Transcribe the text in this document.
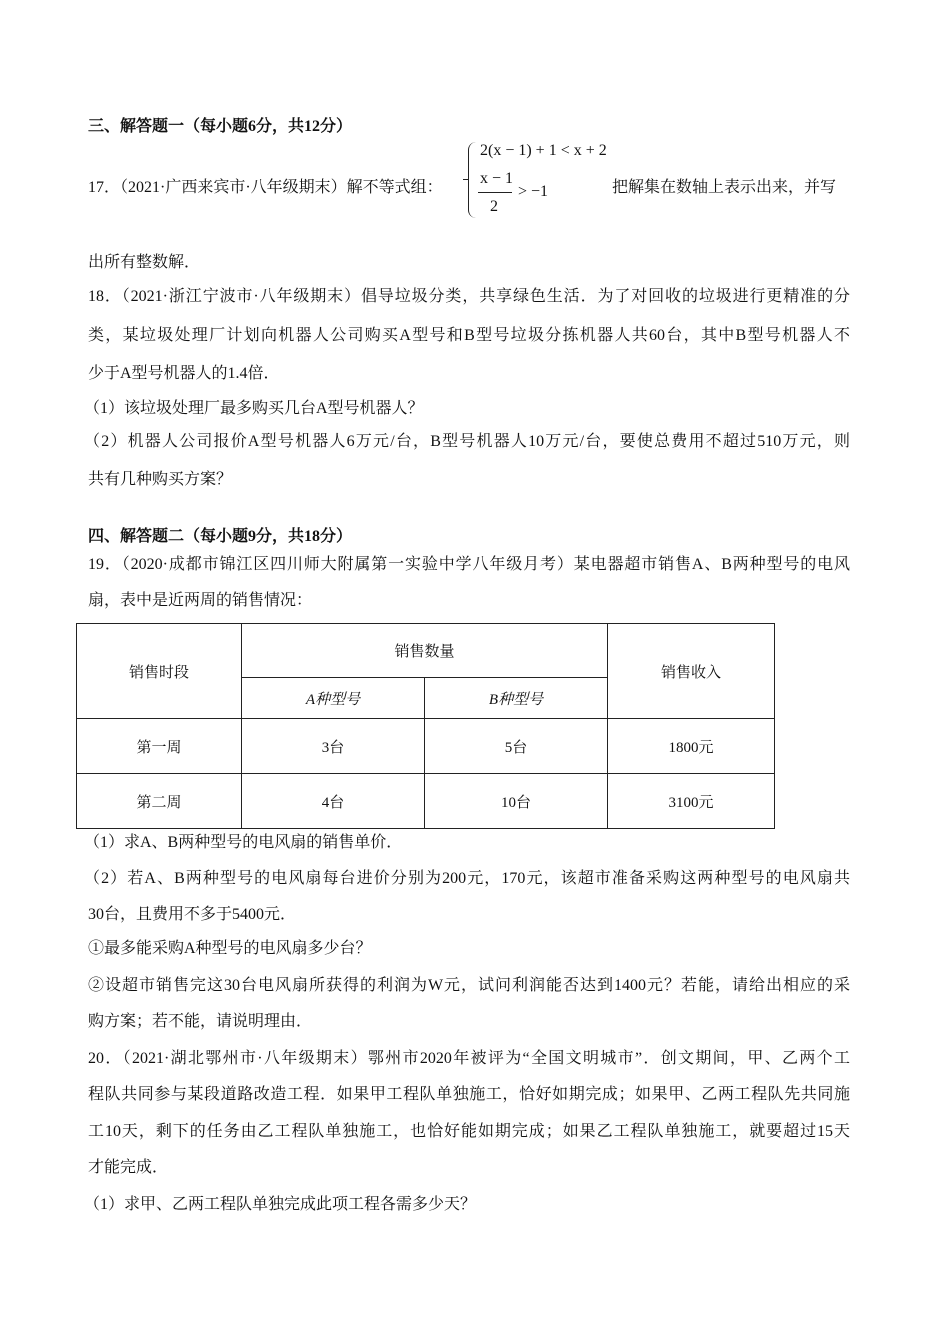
三、解答题一（每小题6分，共12分）
17．（2021·广西来宾市·八年级期末）解不等式组：
2(x − 1) + 1 < x + 2
x − 1
2
> −1	把解集在数轴上表示出来，并写
出所有整数解．
18．（2021·浙江宁波市·八年级期末）倡导垃圾分类，共享绿色生活．为了对回收的垃圾进行更精准的分
类，某垃圾处理厂计划向机器人公司购买A型号和B型号垃圾分拣机器人共60台，其中B型号机器人不
少于A型号机器人的1.4倍．
（1）该垃圾处理厂最多购买几台A型号机器人？
（2）机器人公司报价A型号机器人6万元/台，B型号机器人10万元/台，要使总费用不超过510万元，则
共有几种购买方案？
四、解答题二（每小题9分，共18分）
19．（2020·成都市锦江区四川师大附属第一实验中学八年级月考）某电器超市销售A、B两种型号的电风
扇，表中是近两周的销售情况：
销售时段	销售数量		销售收入
	A种型号	B种型号	
第一周	3台	5台	1800元
第二周	4台	10台	3100元
（1）求A、B两种型号的电风扇的销售单价．
（2）若A、B两种型号的电风扇每台进价分别为200元，170元，该超市准备采购这两种型号的电风扇共
30台，且费用不多于5400元．
①最多能采购A种型号的电风扇多少台？
②设超市销售完这30台电风扇所获得的利润为W元，试问利润能否达到1400元？若能，请给出相应的采
购方案；若不能，请说明理由．
20．（2021·湖北鄂州市·八年级期末）鄂州市2020年被评为“全国文明城市”．创文期间，甲、乙两个工
程队共同参与某段道路改造工程．如果甲工程队单独施工，恰好如期完成；如果甲、乙两工程队先共同施
工10天，剩下的任务由乙工程队单独施工，也恰好能如期完成；如果乙工程队单独施工，就要超过15天
才能完成．
（1）求甲、乙两工程队单独完成此项工程各需多少天？
